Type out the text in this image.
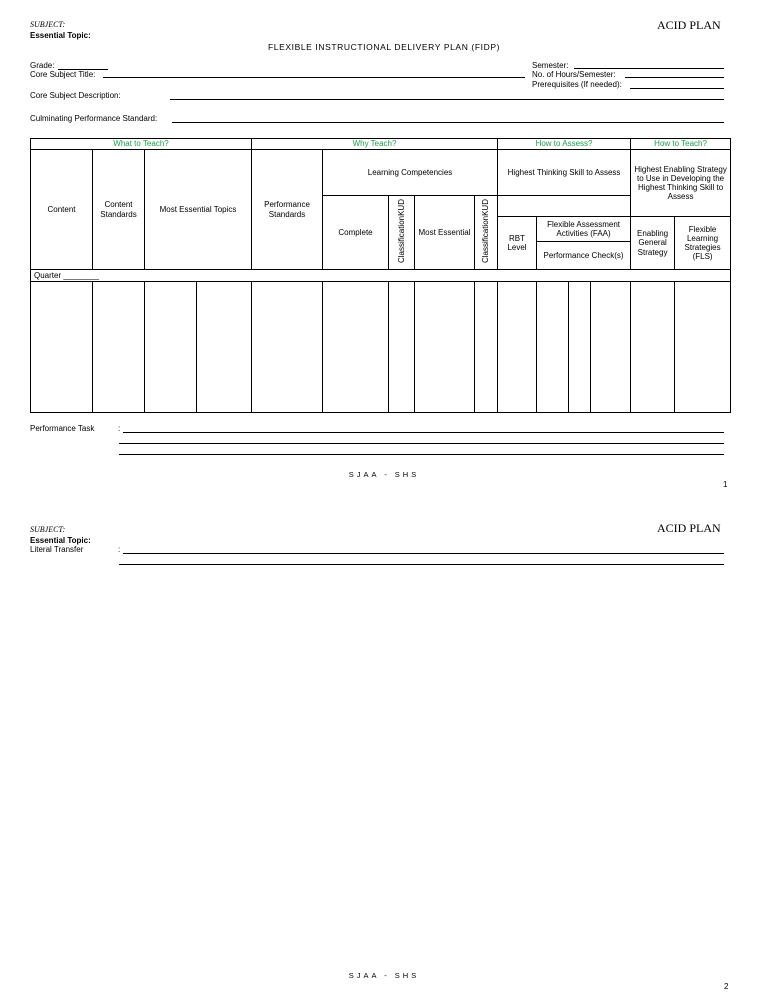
SUBJECT:
Essential Topic:
ACID PLAN
FLEXIBLE INSTRUCTIONAL DELIVERY PLAN (FIDP)
Grade:
Core Subject Title:
Semester:
No. of Hours/Semester:
Prerequisites (If needed):
Core Subject Description:
Culminating Performance Standard:
What to Teach?				Why Teach?					How to Assess?				How to Teach?	
Content	Content Standards	Most Essential Topics		Performance Standards	Learning Competencies				Highest Thinking Skill to Assess				Highest Enabling Strategy to Use in Developing the Highest Thinking Skill to Assess	
					Complete	ClassificationKUD	Most Essential	ClassificationKUD						
									RBT Level	Flexible Assessment Activities (FAA)			Enabling General Strategy	Flexible Learning Strategies (FLS)
										Performance Check(s)				
Quarter ________														

Performance Task	:
SJAA - SHS
1
SUBJECT:
Essential Topic:
ACID PLAN
Literal Transfer	:
SJAA - SHS
2
